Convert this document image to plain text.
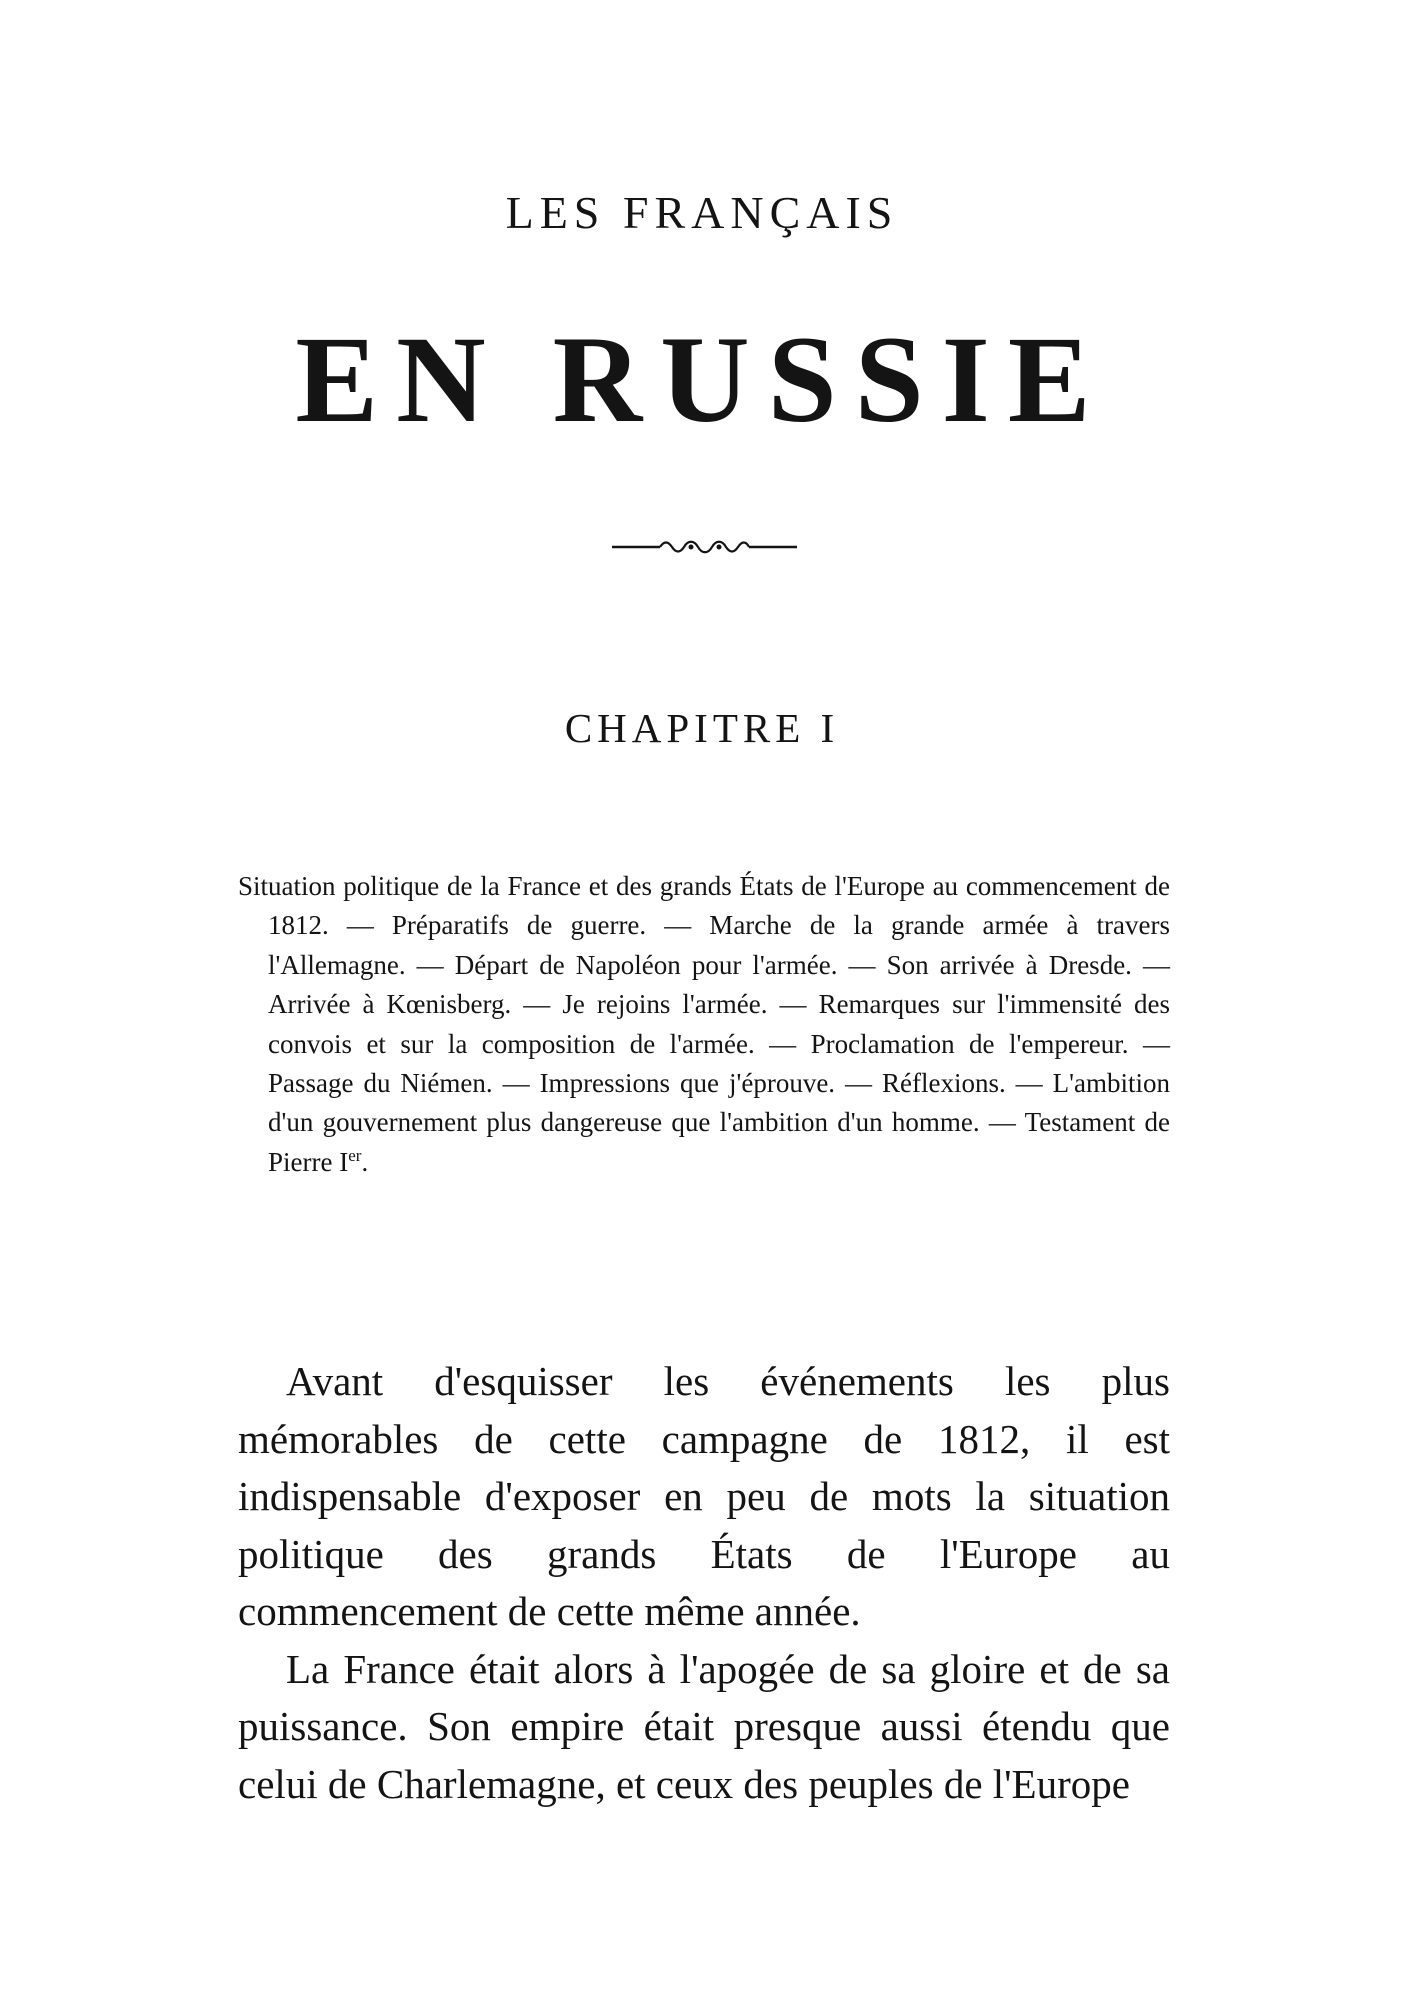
LES FRANÇAIS
EN RUSSIE
CHAPITRE I
Situation politique de la France et des grands États de l'Europe au commencement de 1812. — Préparatifs de guerre. — Marche de la grande armée à travers l'Allemagne. — Départ de Napoléon pour l'armée. — Son arrivée à Dresde. — Arrivée à Kœnisberg. — Je rejoins l'armée. — Remarques sur l'immensité des convois et sur la composition de l'armée. — Proclamation de l'empereur. — Passage du Niémen. — Impressions que j'éprouve. — Réflexions. — L'ambition d'un gouvernement plus dangereuse que l'ambition d'un homme. — Testament de Pierre Ier.

Avant d'esquisser les événements les plus mémorables de cette campagne de 1812, il est indispensable d'exposer en peu de mots la situation politique des grands États de l'Europe au commencement de cette même année.

La France était alors à l'apogée de sa gloire et de sa puissance. Son empire était presque aussi étendu que celui de Charlemagne, et ceux des peuples de l'Europe
